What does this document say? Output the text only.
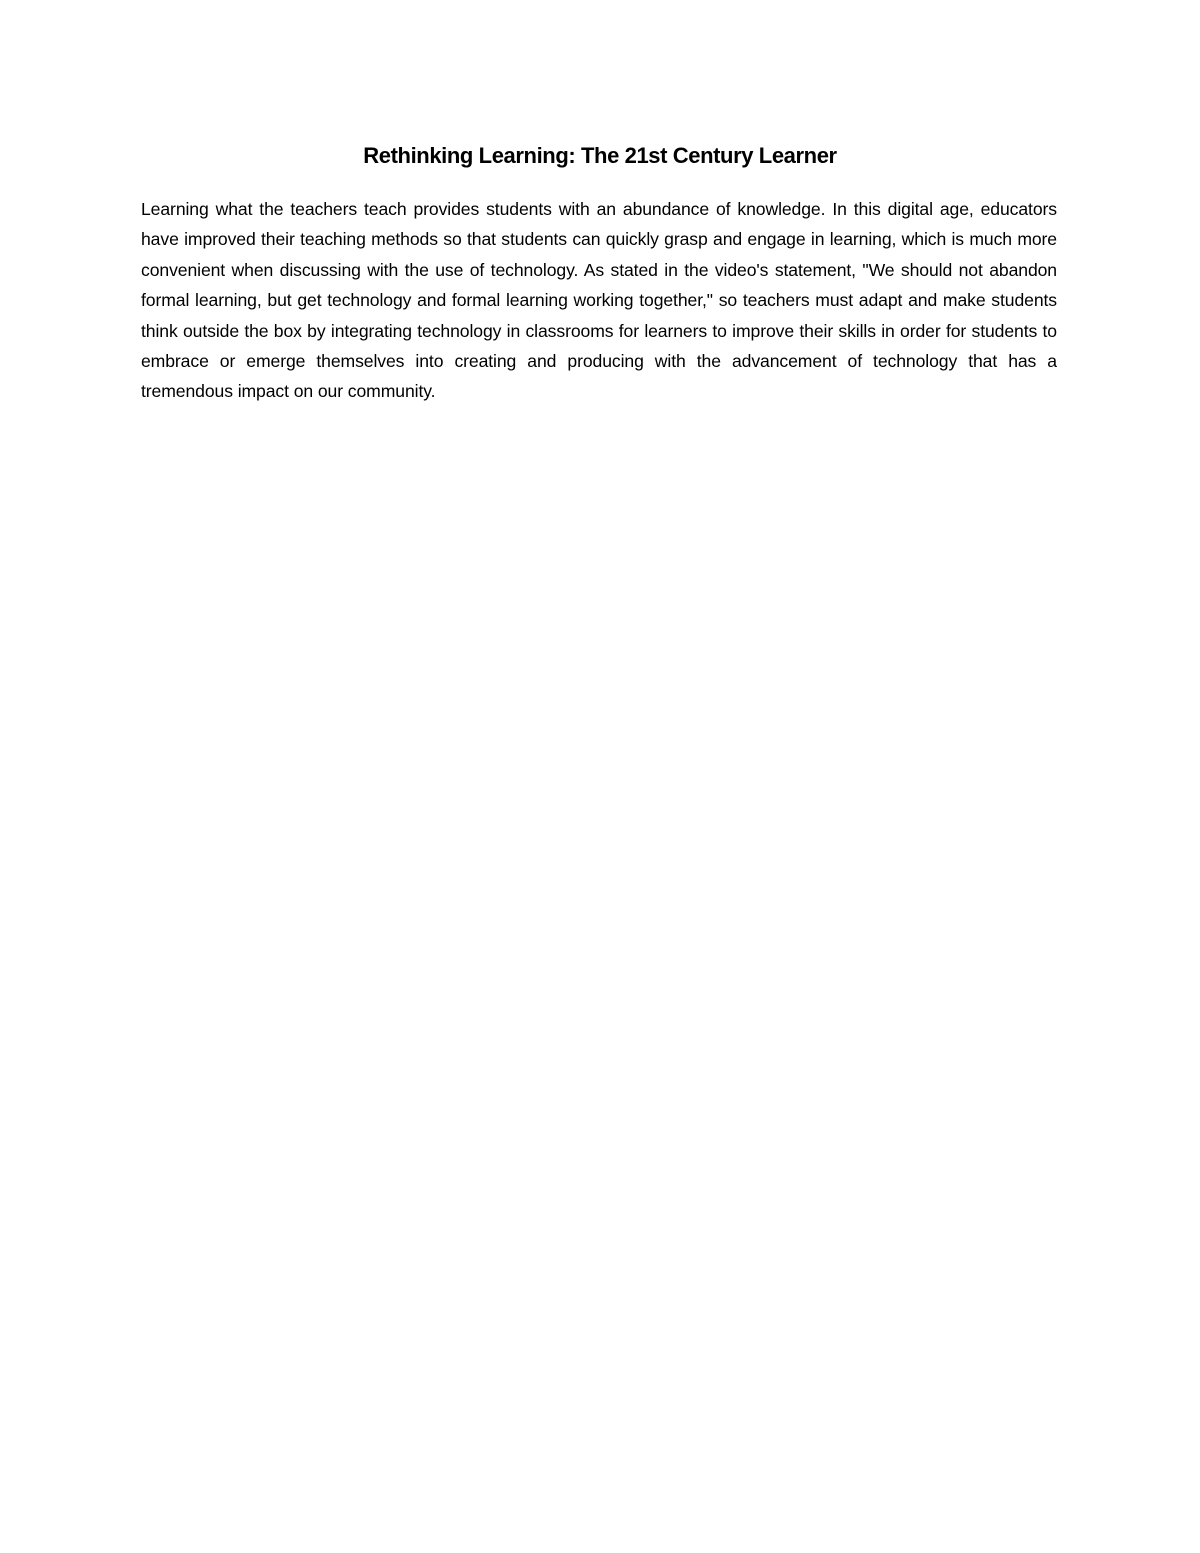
Rethinking Learning: The 21st Century Learner

Learning what the teachers teach provides students with an abundance of knowledge. In this digital age, educators have improved their teaching methods so that students can quickly grasp and engage in learning, which is much more convenient when discussing with the use of technology. As stated in the video's statement, "We should not abandon formal learning, but get technology and formal learning working together," so teachers must adapt and make students think outside the box by integrating technology in classrooms for learners to improve their skills in order for students to embrace or emerge themselves into creating and producing with the advancement of technology that has a tremendous impact on our community.
